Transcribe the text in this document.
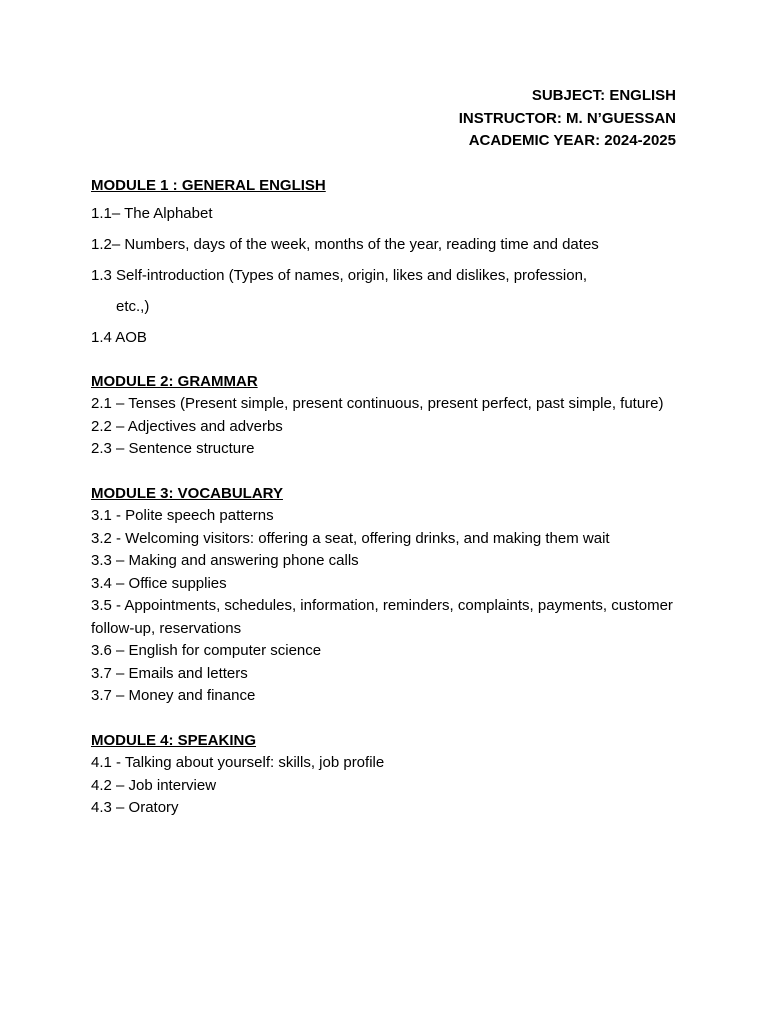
SUBJECT: ENGLISH
INSTRUCTOR: M. N’GUESSAN
ACADEMIC YEAR: 2024-2025
MODULE 1 : GENERAL ENGLISH
1.1– The Alphabet
1.2– Numbers, days of the week, months of the year, reading time and dates
1.3 Self-introduction (Types of names, origin, likes and dislikes, profession,
etc.,)
1.4 AOB
MODULE 2: GRAMMAR
2.1 – Tenses (Present simple, present continuous, present perfect, past simple, future)
2.2 – Adjectives and adverbs
2.3 – Sentence structure
MODULE 3: VOCABULARY
3.1 - Polite speech patterns
3.2 - Welcoming visitors: offering a seat, offering drinks, and making them wait
3.3 – Making and answering phone calls
3.4 – Office supplies
3.5 - Appointments, schedules, information, reminders, complaints, payments, customer follow-up, reservations
3.6 – English for computer science
3.7 – Emails and letters
3.7 – Money and finance
MODULE 4: SPEAKING
4.1 - Talking about yourself: skills, job profile
4.2 – Job interview
4.3 – Oratory
